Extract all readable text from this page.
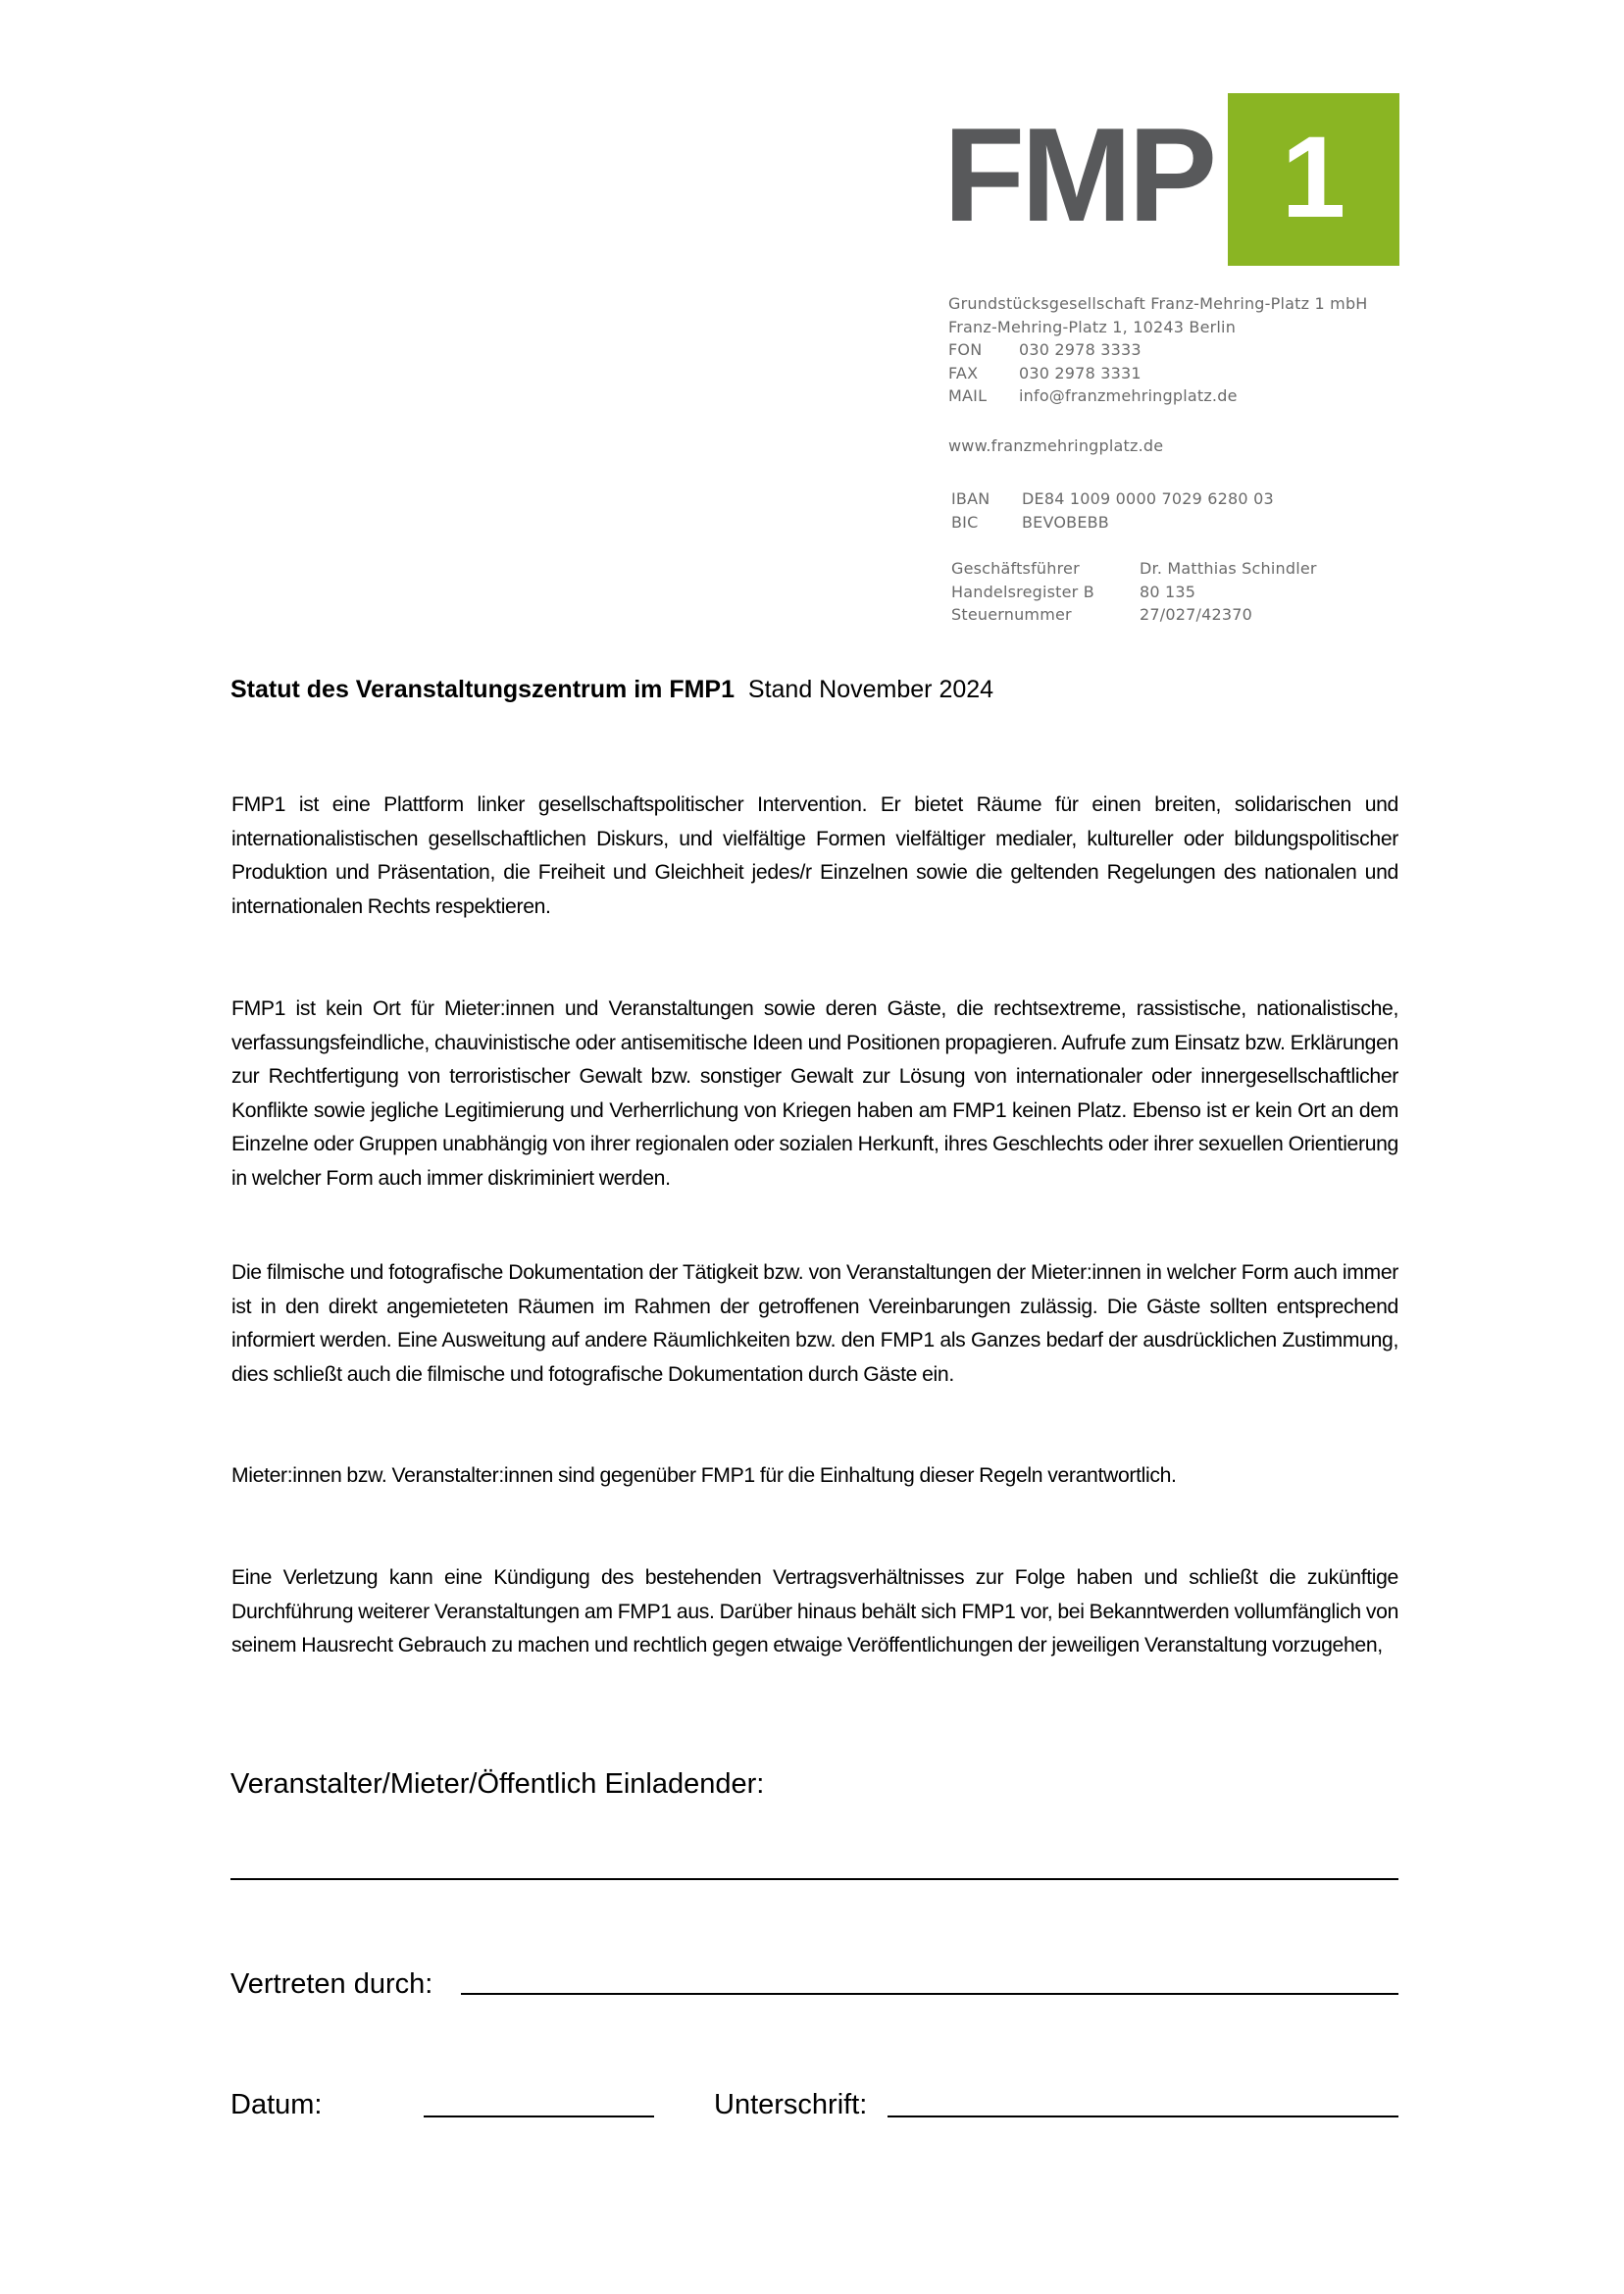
FMP 1
Grundstücksgesellschaft Franz-Mehring-Platz 1 mbH
Franz-Mehring-Platz 1, 10243 Berlin
FON 030 2978 3333
FAX	030 2978 3331
MAIL info@franzmehringplatz.de
www.franzmehringplatz.de
IBAN DE84 1009 0000 7029 6280 03
BIC	BEVOBEBB
Geschäftsführer	Dr. Matthias Schindler
Handelsregister B	80 135
Steuernummer	27/027/42370
Statut des Veranstaltungszentrum im FMP1 Stand November 2024
FMP1 ist eine Plattform linker gesellschaftspolitischer Intervention. Er bietet Räume für einen breiten, solidarischen und internationalistischen gesellschaftlichen Diskurs, und vielfältige Formen vielfältiger medialer, kultureller oder bildungspolitischer Produktion und Präsentation, die Freiheit und Gleichheit jedes/r Einzelnen sowie die geltenden Regelungen des nationalen und internationalen Rechts respektieren.
FMP1 ist kein Ort für Mieter:innen und Veranstaltungen sowie deren Gäste, die rechtsextreme, rassistische, nationalistische, verfassungsfeindliche, chauvinistische oder antisemitische Ideen und Positionen propagieren. Aufrufe zum Einsatz bzw. Erklärungen zur Rechtfertigung von terroristischer Gewalt bzw. sonstiger Gewalt zur Lösung von internationaler oder innergesellschaftlicher Konflikte sowie jegliche Legitimierung und Verherrlichung von Kriegen haben am FMP1 keinen Platz. Ebenso ist er kein Ort an dem Einzelne oder Gruppen unabhängig von ihrer regionalen oder sozialen Herkunft, ihres Geschlechts oder ihrer sexuellen Orientierung in welcher Form auch immer diskriminiert werden.
Die filmische und fotografische Dokumentation der Tätigkeit bzw. von Veranstaltungen der Mieter:innen in welcher Form auch immer ist in den direkt angemieteten Räumen im Rahmen der getroffenen Vereinbarungen zulässig. Die Gäste sollten entsprechend informiert werden. Eine Ausweitung auf andere Räumlichkeiten bzw. den FMP1 als Ganzes bedarf der ausdrücklichen Zustimmung, dies schließt auch die filmische und fotografische Dokumentation durch Gäste ein.
Mieter:innen bzw. Veranstalter:innen sind gegenüber FMP1 für die Einhaltung dieser Regeln verantwortlich.
Eine Verletzung kann eine Kündigung des bestehenden Vertragsverhältnisses zur Folge haben und schließt die zukünftige Durchführung weiterer Veranstaltungen am FMP1 aus. Darüber hinaus behält sich FMP1 vor, bei Bekanntwerden vollumfänglich von seinem Hausrecht Gebrauch zu machen und rechtlich gegen etwaige Veröffentlichungen der jeweiligen Veranstaltung vorzugehen,
Veranstalter/Mieter/Öffentlich Einladender:
Vertreten durch:
Datum:	Unterschrift:
